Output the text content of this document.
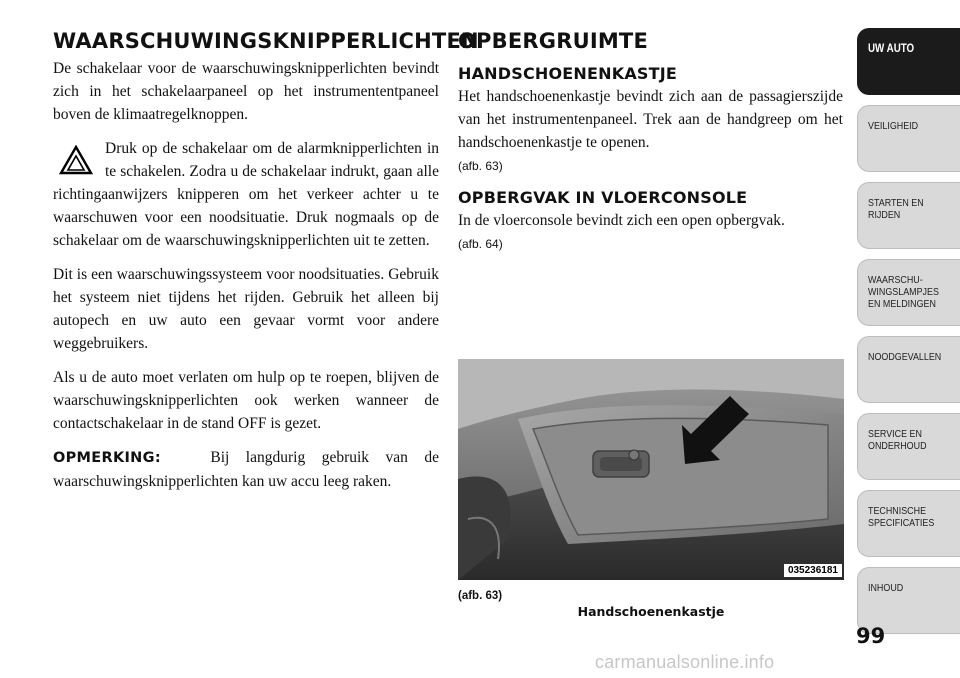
WAARSCHUWINGSKNIPPERLICHTEN

De schakelaar voor de waarschuwingsknipperlichten bevindt zich in het schakelaarpaneel op het instrumententpaneel boven de klimaatregelknoppen.

Druk op de schakelaar om de alarmknipperlichten in te schakelen. Zodra u de schakelaar indrukt, gaan alle richtingaanwijzers knipperen om het verkeer achter u te waarschuwen voor een noodsituatie. Druk nogmaals op de schakelaar om de waarschuwingsknipperlichten uit te zetten.

Dit is een waarschuwingssysteem voor noodsituaties. Gebruik het systeem niet tijdens het rijden. Gebruik het alleen bij autopech en uw auto een gevaar vormt voor andere weggebruikers.

Als u de auto moet verlaten om hulp op te roepen, blijven de waarschuwingsknipperlichten ook werken wanneer de contactschakelaar in de stand OFF is gezet.

OPMERKING:	Bij langdurig gebruik van de waarschuwingsknipperlichten kan uw accu leeg raken.

OPBERGRUIMTE
HANDSCHOENENKASTJE

Het handschoenenkastje bevindt zich aan de passagierszijde van het instrumentenpaneel. Trek aan de handgreep om het handschoenenkastje te openen.
(afb. 63)

OPBERGVAK IN VLOERCONSOLE

In de vloerconsole bevindt zich een open opbergvak.
(afb. 64)

035236181
(afb. 63)
Handschoenenkastje
UW AUTO
VEILIGHEID
STARTEN EN
RIJDEN
WAARSCHU-
WINGSLAMPJES
EN MELDINGEN
NOODGEVALLEN
SERVICE EN
ONDERHOUD
TECHNISCHE
SPECIFICATIES
INHOUD
99
carmanualsonline.info
